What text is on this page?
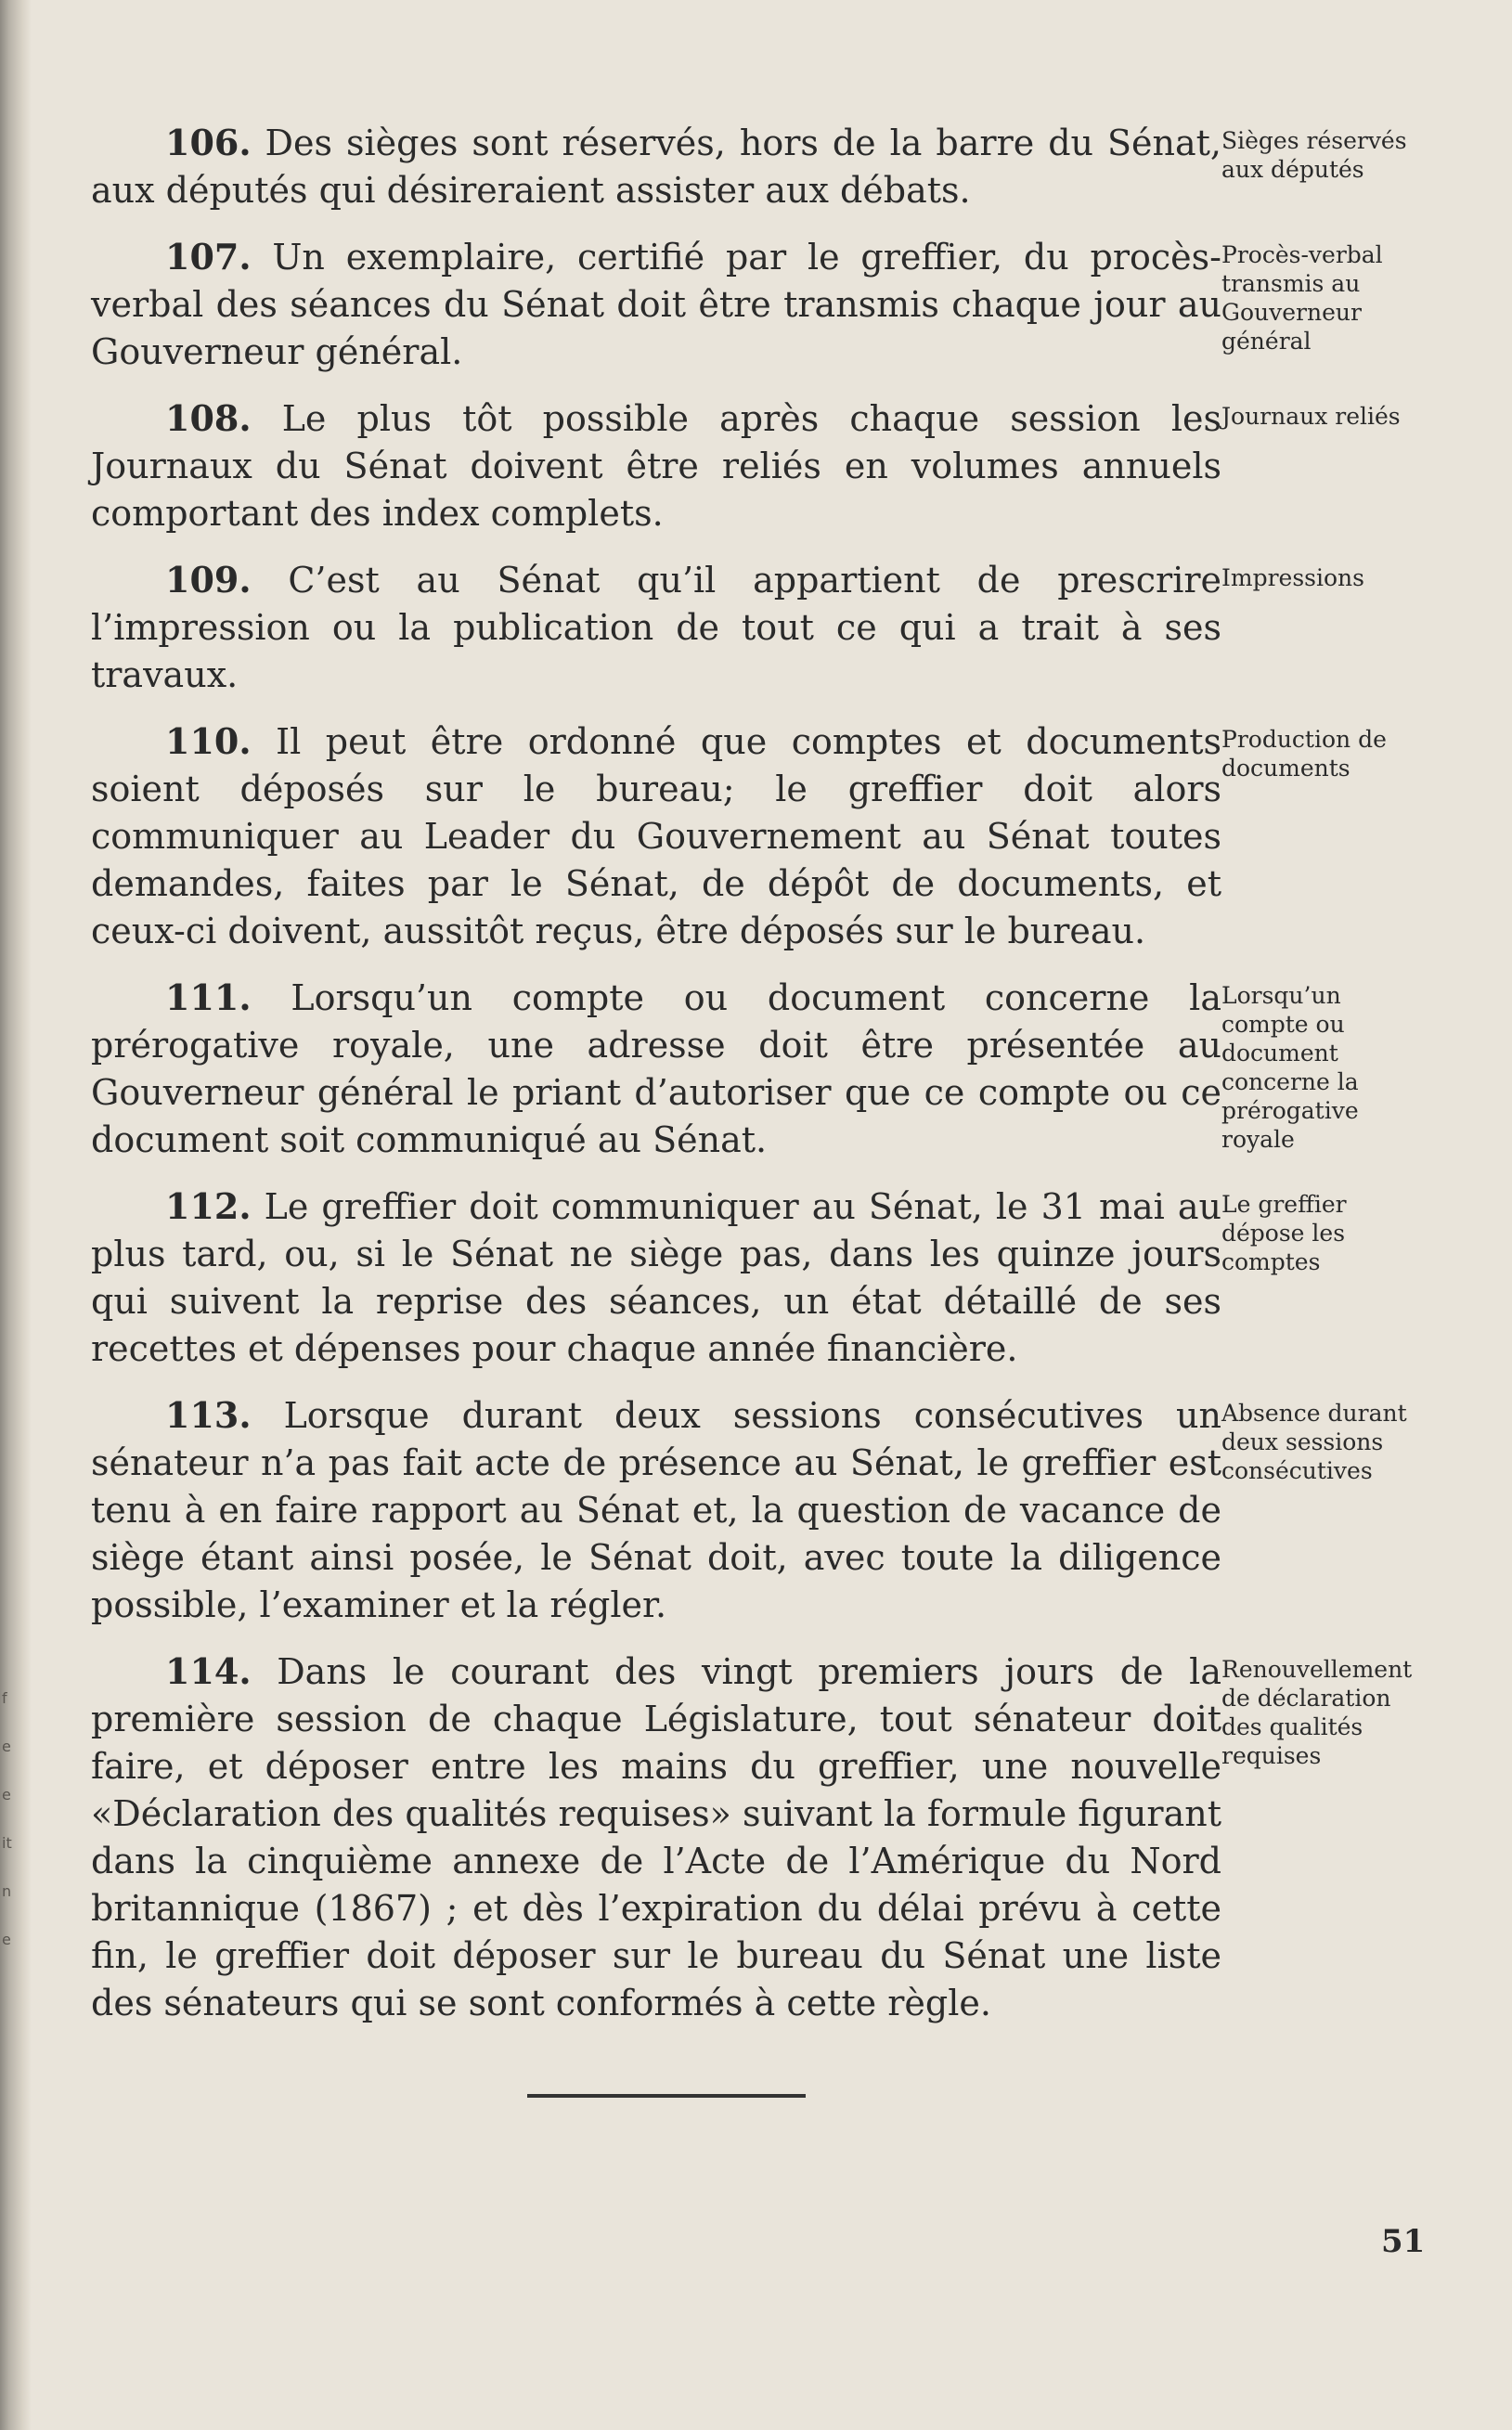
f
e
e
it
n
e
106. Des sièges sont réservés, hors de la barre du Sénat, aux députés qui désireraient assister aux débats.
Sièges réservés aux députés
107. Un exemplaire, certifié par le greffier, du procès-verbal des séances du Sénat doit être transmis chaque jour au Gouverneur général.
Procès-verbal transmis au Gouverneur général
108. Le plus tôt possible après chaque session les Journaux du Sénat doivent être reliés en volumes annuels comportant des index complets.
Journaux reliés
109. C’est au Sénat qu’il appartient de prescrire l’impression ou la publication de tout ce qui a trait à ses travaux.
Impressions
110. Il peut être ordonné que comptes et documents soient déposés sur le bureau; le greffier doit alors communiquer au Leader du Gouvernement au Sénat toutes demandes, faites par le Sénat, de dépôt de documents, et ceux-ci doivent, aussitôt reçus, être déposés sur le bureau.
Production de documents
111. Lorsqu’un compte ou document concerne la prérogative royale, une adresse doit être présentée au Gouverneur général le priant d’autoriser que ce compte ou ce document soit communiqué au Sénat.
Lorsqu’un compte ou document concerne la prérogative royale
112. Le greffier doit communiquer au Sénat, le 31 mai au plus tard, ou, si le Sénat ne siège pas, dans les quinze jours qui suivent la reprise des séances, un état détaillé de ses recettes et dépenses pour chaque année financière.
Le greffier dépose les comptes
113. Lorsque durant deux sessions consécutives un sénateur n’a pas fait acte de présence au Sénat, le greffier est tenu à en faire rapport au Sénat et, la question de vacance de siège étant ainsi posée, le Sénat doit, avec toute la diligence possible, l’examiner et la régler.
Absence durant deux sessions consécutives
114. Dans le courant des vingt premiers jours de la première session de chaque Législature, tout sénateur doit faire, et déposer entre les mains du greffier, une nouvelle «Déclaration des qualités requises» suivant la formule figurant dans la cinquième annexe de l’Acte de l’Amérique du Nord britannique (1867) ; et dès l’expiration du délai prévu à cette fin, le greffier doit déposer sur le bureau du Sénat une liste des sénateurs qui se sont conformés à cette règle.
Renouvellement de déclaration des qualités requises
51
